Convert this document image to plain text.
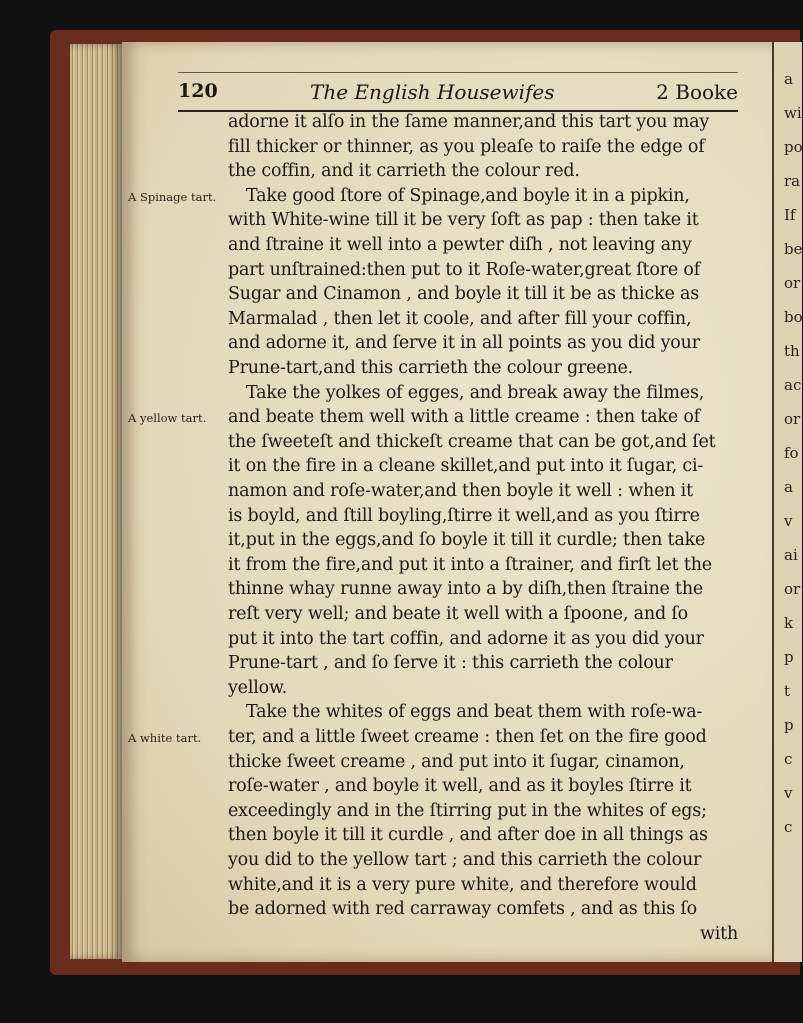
a
wi
po
ra
If
be
or
bo
th
ac
or
fo
a
v
ai
or
k
p
t
p
c
v
c
120	The English Housewifes	2 Booke
adorne it alſo in the ſame manner,and this tart you may
fill thicker or thinner, as you pleaſe to raiſe the edge of
the coffin, and it carrieth the colour red.
Take good ſtore of Spinage,and boyle it in a pipkin,
with White-wine till it be very ſoft as pap : then take it
and ſtraine it well into a pewter diſh , not leaving any
part unſtrained:then put to it Roſe-water,great ſtore of
Sugar and Cinamon , and boyle it till it be as thicke as
Marmalad , then let it coole, and after fill your coffin,
and adorne it, and ſerve it in all points as you did your
Prune-tart,and this carrieth the colour greene.
Take the yolkes of egges, and break away the filmes,
and beate them well with a little creame : then take of
the ſweeteſt and thickeſt creame that can be got,and ſet
it on the fire in a cleane skillet,and put into it ſugar, ci-
namon and roſe-water,and then boyle it well : when it
is boyld, and ſtill boyling,ſtirre it well,and as you ſtirre
it,put in the eggs,and ſo boyle it till it curdle; then take
it from the fire,and put it into a ſtrainer, and firſt let the
thinne whay runne away into a by diſh,then ſtraine the
reſt very well; and beate it well with a ſpoone, and ſo
put it into the tart coffin, and adorne it as you did your
Prune-tart , and ſo ſerve it : this carrieth the colour
yellow.
Take the whites of eggs and beat them with roſe-wa-
ter, and a little ſweet creame : then ſet on the fire good
thicke ſweet creame , and put into it ſugar, cinamon,
roſe-water , and boyle it well, and as it boyles ſtirre it
exceedingly and in the ſtirring put in the whites of egs;
then boyle it till it curdle , and after doe in all things as
you did to the yellow tart ; and this carrieth the colour
white,and it is a very pure white, and therefore would
be adorned with red carraway comfets , and as this ſo
with
A Spinage tart.
A yellow tart.
A white tart.
